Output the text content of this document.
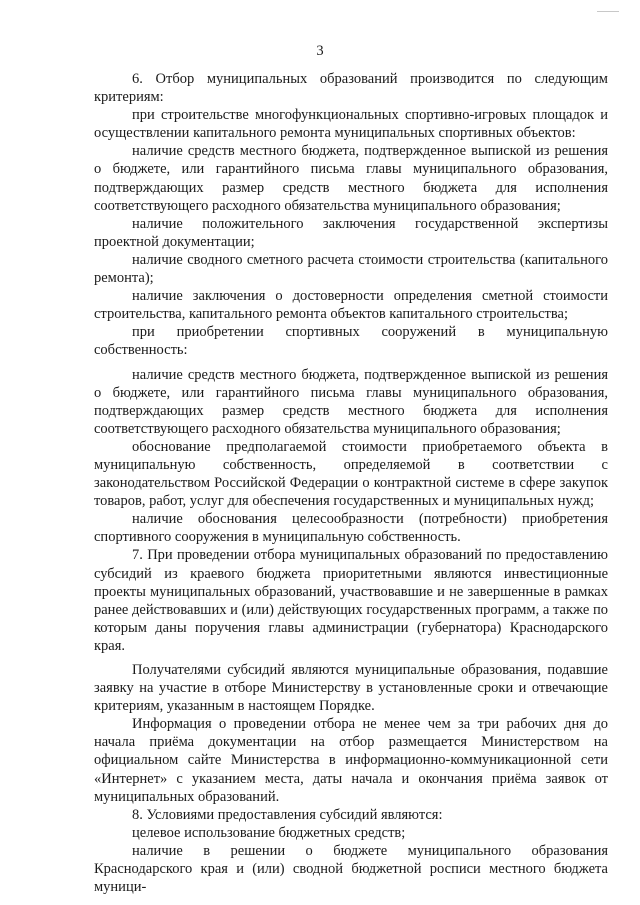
3

6. Отбор муниципальных образований производится по следующим критериям:

при строительстве многофункциональных спортивно-игровых площадок и осуществлении капитального ремонта муниципальных спортивных объектов:

наличие средств местного бюджета, подтвержденное выпиской из решения о бюджете, или гарантийного письма главы муниципального образования, подтверждающих размер средств местного бюджета для исполнения соответствующего расходного обязательства муниципального образования;

наличие положительного заключения государственной экспертизы проектной документации;

наличие сводного сметного расчета стоимости строительства (капитального ремонта);

наличие заключения о достоверности определения сметной стоимости строительства, капитального ремонта объектов капитального строительства;

при приобретении спортивных сооружений в муниципальную собственность:

наличие средств местного бюджета, подтвержденное выпиской из решения о бюджете, или гарантийного письма главы муниципального образования, подтверждающих размер средств местного бюджета для исполнения соответствующего расходного обязательства муниципального образования;

обоснование предполагаемой стоимости приобретаемого объекта в муниципальную собственность, определяемой в соответствии с законодательством Российской Федерации о контрактной системе в сфере закупок товаров, работ, услуг для обеспечения государственных и муниципальных нужд;

наличие обоснования целесообразности (потребности) приобретения спортивного сооружения в муниципальную собственность.

7. При проведении отбора муниципальных образований по предоставлению субсидий из краевого бюджета приоритетными являются инвестиционные проекты муниципальных образований, участвовавшие и не завершенные в рамках ранее действовавших и (или) действующих государственных программ, а также по которым даны поручения главы администрации (губернатора) Краснодарского края.

Получателями субсидий являются муниципальные образования, подавшие заявку на участие в отборе Министерству в установленные сроки и отвечающие критериям, указанным в настоящем Порядке.

Информация о проведении отбора не менее чем за три рабочих дня до начала приёма документации на отбор размещается Министерством на официальном сайте Министерства в информационно-коммуникационной сети «Интернет» с указанием места, даты начала и окончания приёма заявок от муниципальных образований.

8. Условиями предоставления субсидий являются:

целевое использование бюджетных средств;

наличие в решении о бюджете муниципального образования Краснодарского края и (или) сводной бюджетной росписи местного бюджета муници-
